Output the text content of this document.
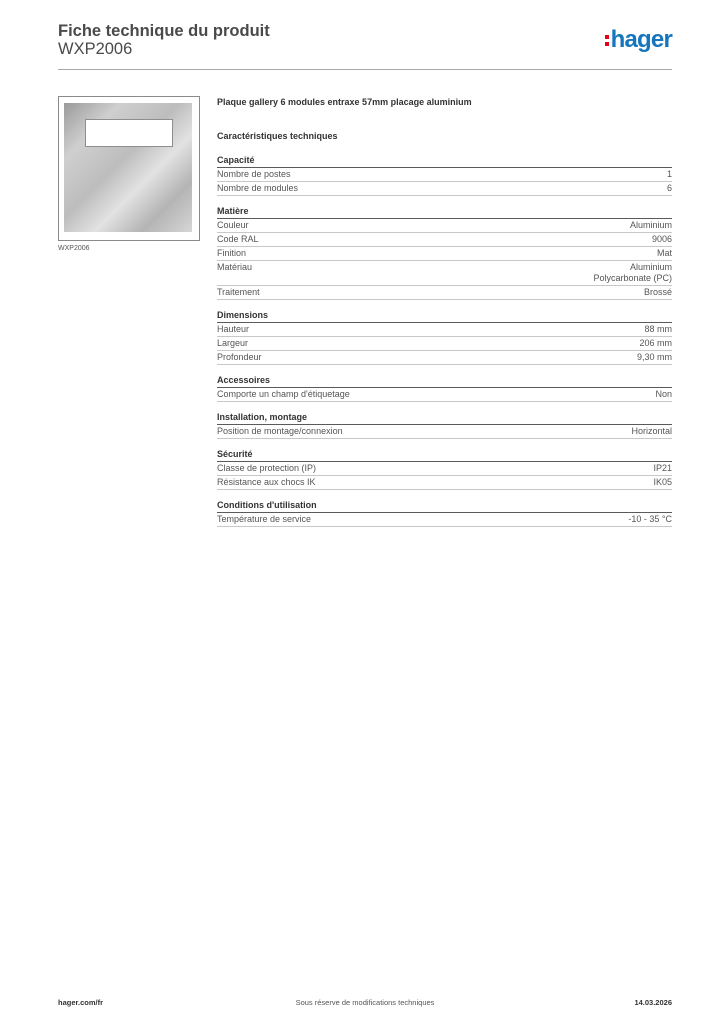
Fiche technique du produit
WXP2006	hager
WXP2006
Plaque gallery 6 modules entraxe 57mm placage aluminium
Caractéristiques techniques
Capacité
Nombre de postes	1
Nombre de modules	6
Matière
Couleur	Aluminium
Code RAL	9006
Finition	Mat
Matériau	Aluminium
Polycarbonate (PC)
Traitement	Brossé
Dimensions
Hauteur	88 mm
Largeur	206 mm
Profondeur	9,30 mm
Accessoires
Comporte un champ d'étiquetage	Non
Installation, montage
Position de montage/connexion	Horizontal
Sécurité
Classe de protection (IP)	IP21
Résistance aux chocs IK	IK05
Conditions d'utilisation
Température de service	-10 - 35 °C
hager.com/fr	Sous réserve de modifications techniques	14.03.2026
